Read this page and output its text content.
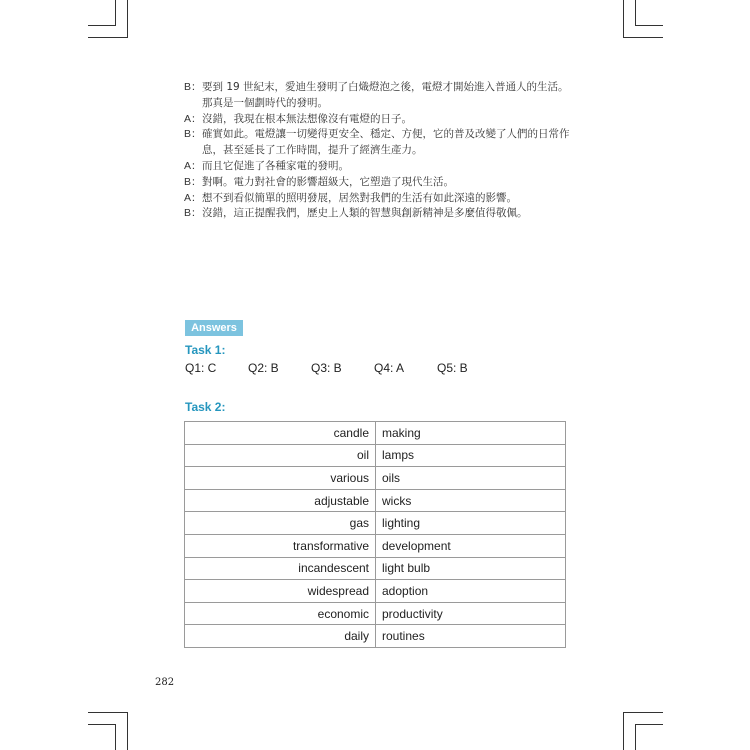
B： 要到 19 世紀末，愛迪生發明了白熾燈泡之後，電燈才開始進入普通人的生活。
那真是一個劃時代的發明。
A： 沒錯，我現在根本無法想像沒有電燈的日子。
B： 確實如此。電燈讓一切變得更安全、穩定、方便，它的普及改變了人們的日常作
息，甚至延長了工作時間，提升了經濟生產力。
A： 而且它促進了各種家電的發明。
B： 對啊。電力對社會的影響超級大，它塑造了現代生活。
A： 想不到看似簡單的照明發展，居然對我們的生活有如此深遠的影響。
B： 沒錯，這正提醒我們，歷史上人類的智慧與創新精神是多麼值得敬佩。
Answers
Task 1:
Q1: C	Q2: B	Q3: B	Q4: A	Q5: B
Task 2:
candle	making
oil	lamps
various	oils
adjustable	wicks
gas	lighting
transformative	development
incandescent	light bulb
widespread	adoption
economic	productivity
daily	routines
282
